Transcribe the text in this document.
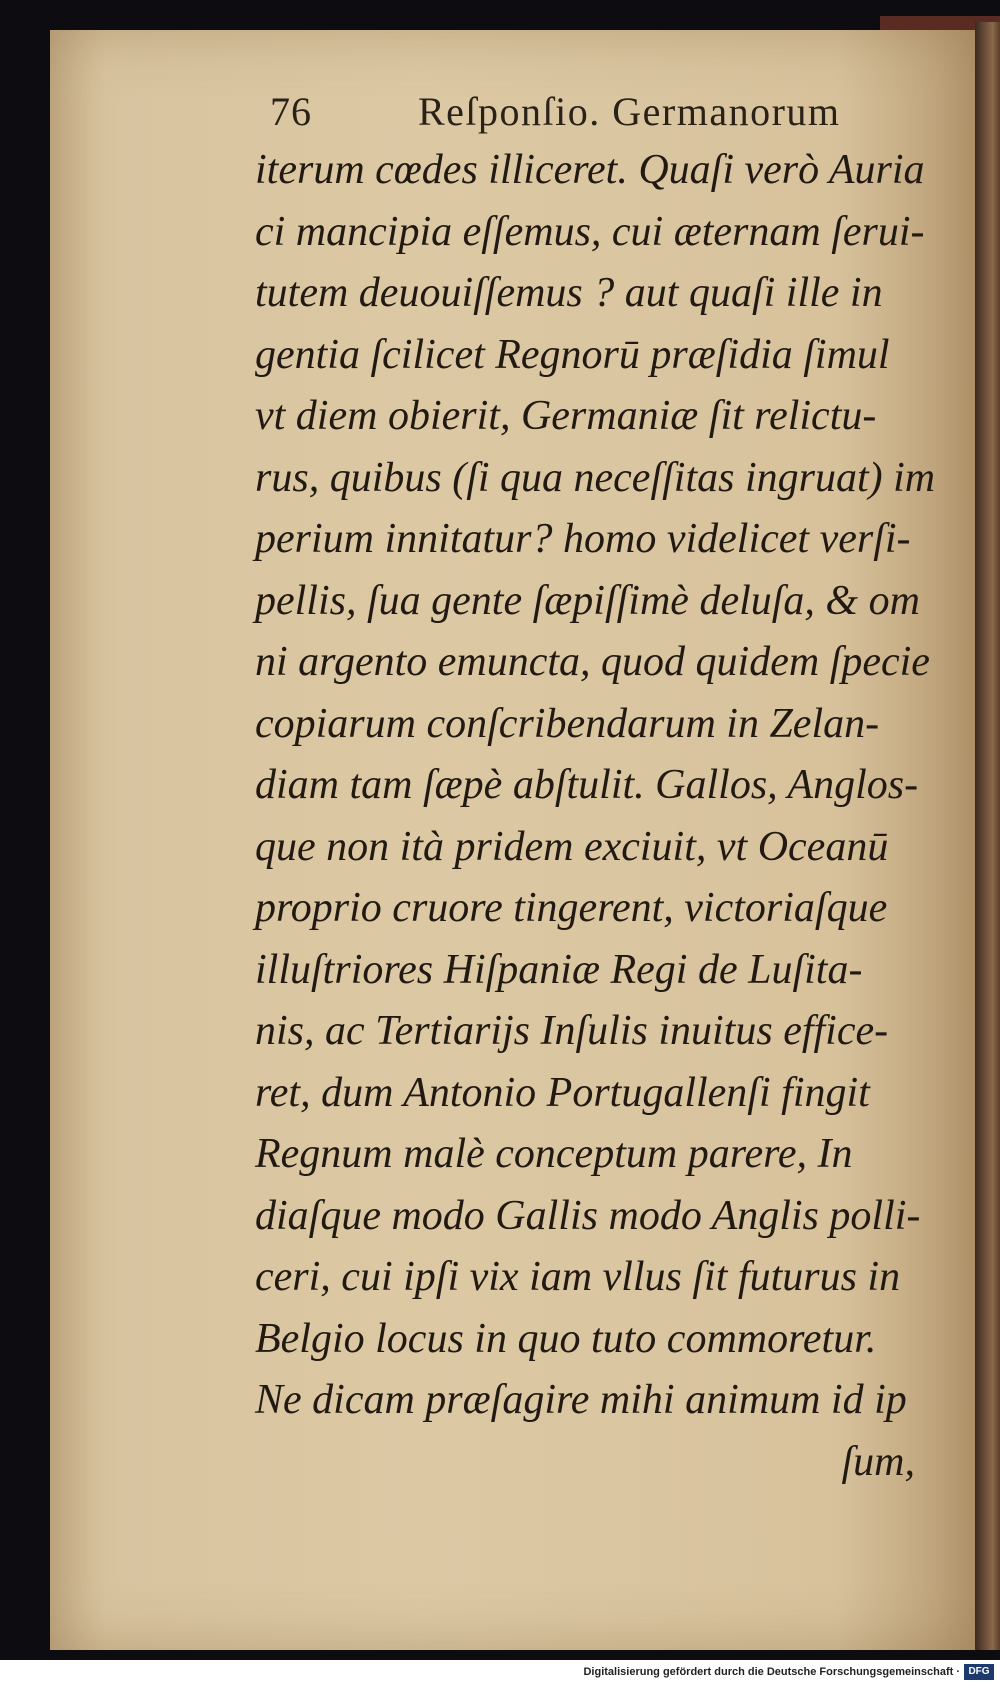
76	Reſponſio. Germanorum
iterum cœdes illiceret. Quaſi verò Auria
ci mancipia eſſemus, cui æternam ſerui-
tutem deuouiſſemus ? aut quaſi ille in
gentia ſcilicet Regnorū præſidia ſimul
vt diem obierit, Germaniæ ſit relictu-
rus, quibus (ſi qua neceſſitas ingruat) im
perium innitatur? homo videlicet verſi-
pellis, ſua gente ſæpiſſimè deluſa, & om
ni argento emuncta, quod quidem ſpecie
copiarum conſcribendarum in Zelan-
diam tam ſæpè abſtulit. Gallos, Anglos-
que non ità pridem exciuit, vt Oceanū
proprio cruore tingerent, victoriaſque
illuſtriores Hiſpaniæ Regi de Luſita-
nis, ac Tertiarijs Inſulis inuitus effice-
ret, dum Antonio Portugallenſi fingit
Regnum malè conceptum parere, In
diaſque modo Gallis modo Anglis polli-
ceri, cui ipſi vix iam vllus ſit futurus in
Belgio locus in quo tuto commoretur.
Ne dicam præſagire mihi animum id ip
ſum,
Digitalisierung gefördert durch die Deutsche Forschungsgemeinschaft · DFG
